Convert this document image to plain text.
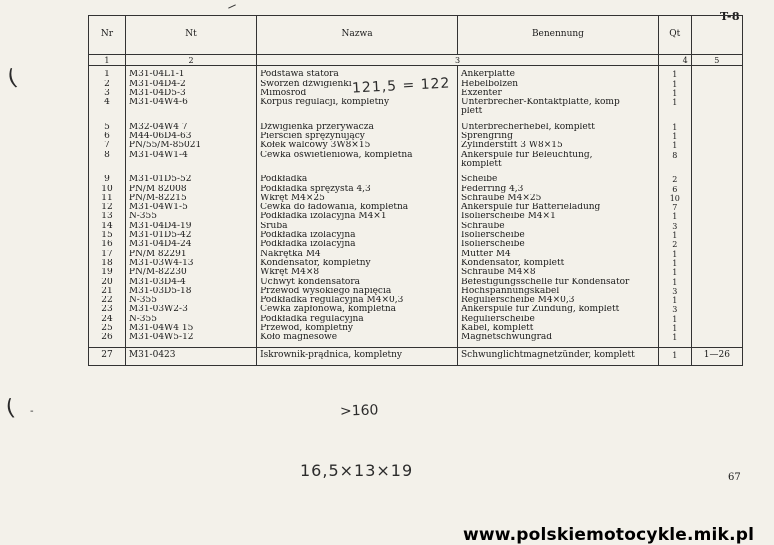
T-8
(
( -
Nr	Nt	Nazwa	Benennung	Qt	
1	2	3		4	5

1	M31-04L1-1	Podstawa statora	Ankerplatte	1	
2	M31-04D4-2	Sworzeń dźwigienki	Hebelbolzen	1	
3	M31-04D5-3	Mimośród	Exzenter	1	
4	M31-04W4-6	Korpus regulacji, kompletny	Unterbrecher-Kontaktplatte, komp	1	
			plett		

5	M32-04W4 7	Dźwigienka przerywacza	Unterbrecherhebel, komplett	1	
6	M44-06D4-63	Pierścień sprężynujący	Sprengring	1	
7	PN/55/M-85021	Kołek walcowy 3W8×15	Zylinderstift 3 W8×15	1	
8	M31-04W1-4	Cewka oświetleniowa, kompletna	Ankerspule für Beleuchtung,	8	
			komplett		

9	M31-01D5-52	Podkładka	Scheibe	2	
10	PN/M 82008	Podkładka sprężysta 4,3	Federring 4,3	6	
11	PN/M-82215	Wkręt M4×25	Schraube M4×25	10	
12	M31-04W1-5	Cewka do ładowania, kompletna	Ankerspule für Batterieladung	7	
13	N-355	Podkładka izolacyjna M4×1	Isolierscheibe M4×1	1	
14	M31-04D4-19	Śruba	Schraube	3	
15	M31-01D5-42	Podkładka izolacyjna	Isolierscheibe	1	
16	M31-04D4-24	Podkładka izolacyjna	Isolierscheibe	2	
17	PN/M 82291	Nakrętka M4	Mutter M4	1	
18	M31-03W4-13	Kondensator, kompletny	Kondensator, komplett	1	
19	PN/M-82230	Wkręt M4×8	Schraube M4×8	1	
20	M31-03D4-4	Uchwyt kondensatora	Befestigungsschelle für Kondensator	1	
21	M31-03D5-18	Przewód wysokiego napięcia	Hochspannungskabel	3	
22	N-355	Podkładka regulacyjna M4×0,3	Regulierscheibe M4×0,3	1	
23	M31-03W2-3	Cewka zapłonowa, kompletna	Ankerspule für Zündung, komplett	3	
24	N-355	Podkładka regulacyjna	Regulierscheibe	1	
25	M31-04W4 15	Przewód, kompletny	Kabel, komplett	1	
26	M31-04W5-12	Koło magnesowe	Magnetschwungrad	1	

27	M31-0423	Iskrownik-prądnica, kompletny	Schwunglichtmagnetzünder, komplett	1	1—26
121,5 = 122
>160
16,5×13×19	67
www.polskiemotocykle.mik.pl
